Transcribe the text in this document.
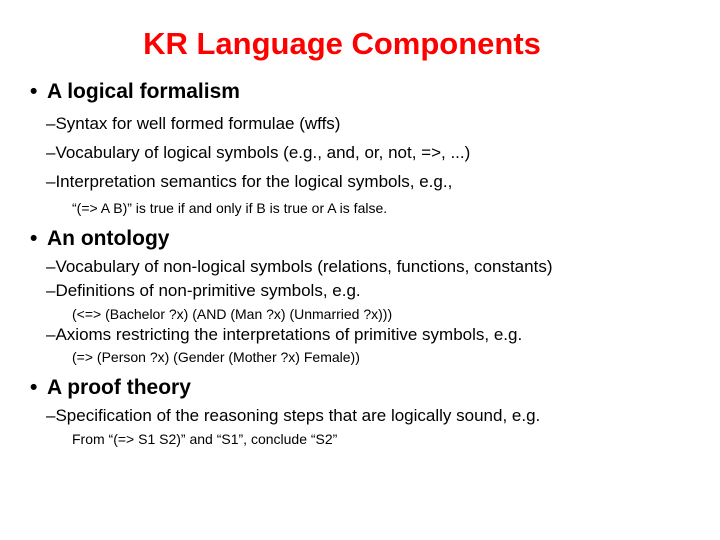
KR Language Components
• A logical formalism
–Syntax for well formed formulae (wffs)
–Vocabulary of logical symbols (e.g., and, or, not, =>, ...)
–Interpretation semantics for the logical symbols, e.g.,
“(=> A B)” is true if and only if B is true or A is false.
• An ontology
–Vocabulary of non-logical symbols (relations, functions, constants)
–Definitions of non-primitive symbols, e.g.
(<=> (Bachelor ?x) (AND (Man ?x) (Unmarried ?x)))
–Axioms restricting the interpretations of primitive symbols, e.g.
(=> (Person ?x) (Gender (Mother ?x) Female))
• A proof theory
–Specification of the reasoning steps that are logically sound, e.g.
From “(=> S1 S2)” and “S1”, conclude “S2”
